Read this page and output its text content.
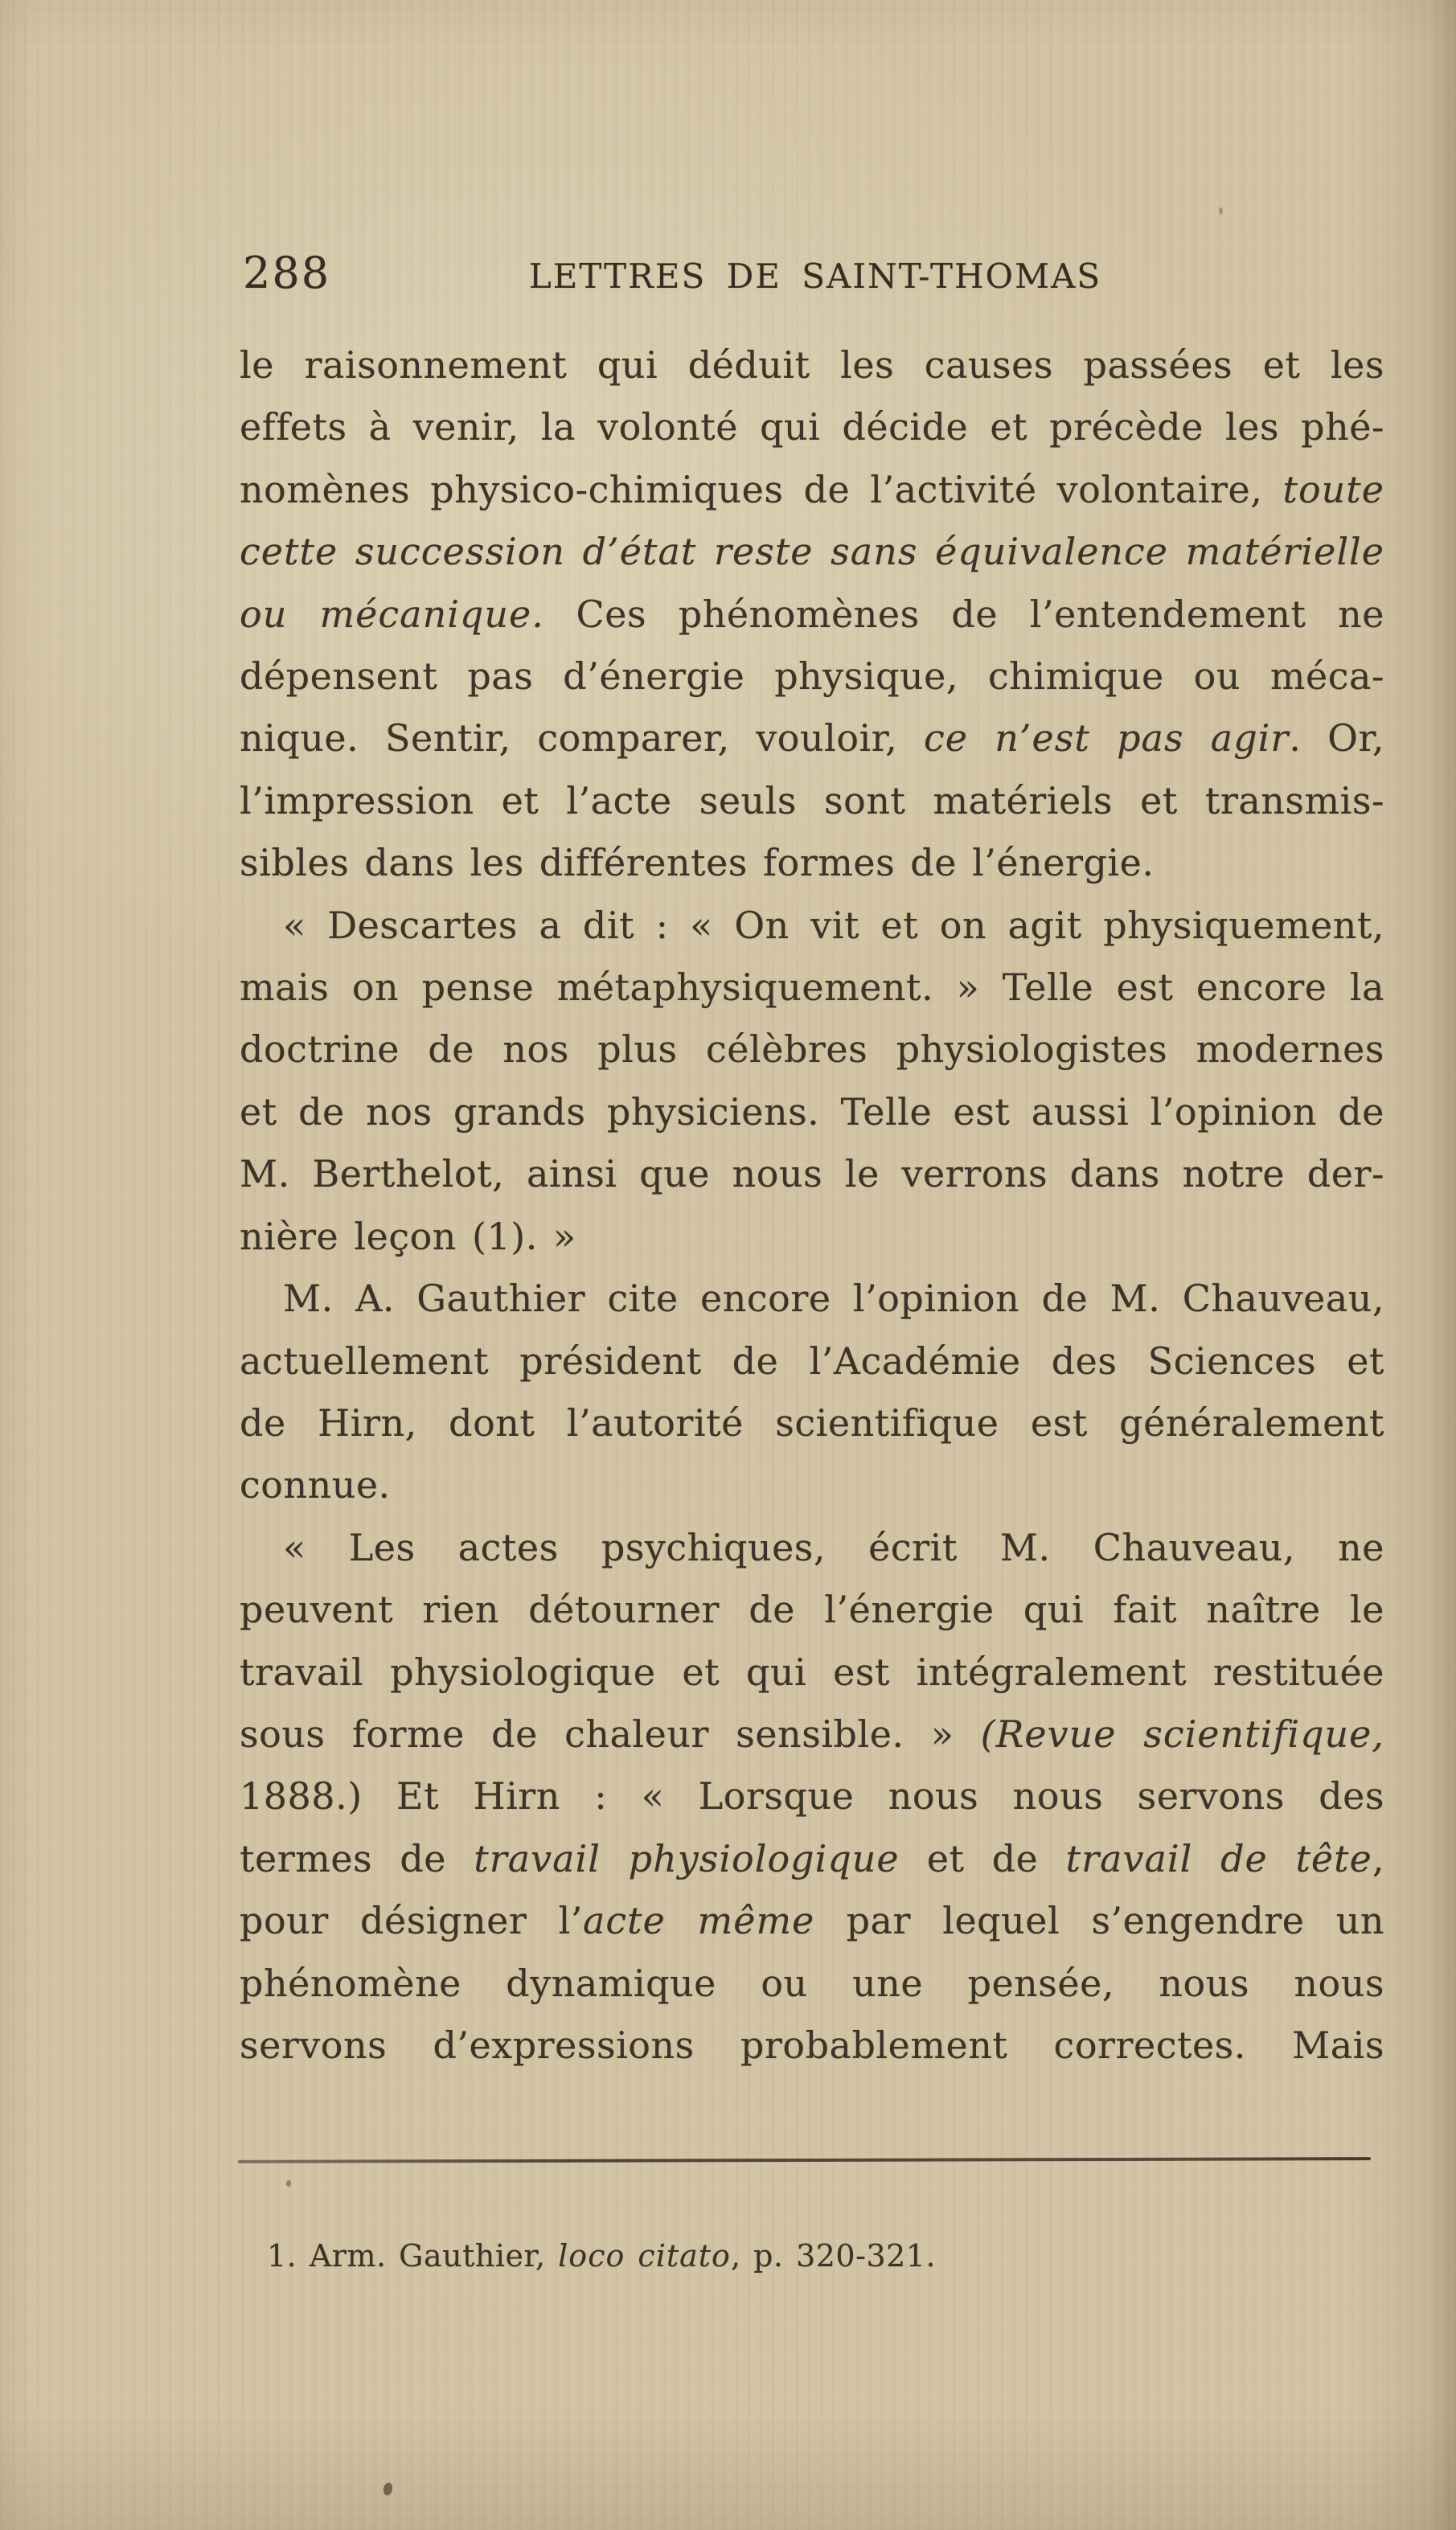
288	LETTRES DE SAINT-THOMAS
le raisonnement qui déduit les causes passées et les
effets à venir, la volonté qui décide et précède les phé-
nomènes physico-chimiques de l’activité volontaire, toute
cette succession d’état reste sans équivalence matérielle
ou mécanique. Ces phénomènes de l’entendement ne
dépensent pas d’énergie physique, chimique ou méca-
nique. Sentir, comparer, vouloir, ce n’est pas agir. Or,
l’impression et l’acte seuls sont matériels et transmis-
sibles dans les différentes formes de l’énergie.
« Descartes a dit : « On vit et on agit physiquement,
mais on pense métaphysiquement. » Telle est encore la
doctrine de nos plus célèbres physiologistes modernes
et de nos grands physiciens. Telle est aussi l’opinion de
M. Berthelot, ainsi que nous le verrons dans notre der-
nière leçon (1). »
M. A. Gauthier cite encore l’opinion de M. Chauveau,
actuellement président de l’Académie des Sciences et
de Hirn, dont l’autorité scientifique est généralement
connue.
« Les actes psychiques, écrit M. Chauveau, ne
peuvent rien détourner de l’énergie qui fait naître le
travail physiologique et qui est intégralement restituée
sous forme de chaleur sensible. » (Revue scientifique,
1888.) Et Hirn : « Lorsque nous nous servons des
termes de travail physiologique et de travail de tête,
pour désigner l’acte même par lequel s’engendre un
phénomène dynamique ou une pensée, nous nous
servons d’expressions probablement correctes. Mais
1. Arm. Gauthier, loco citato, p. 320-321.
